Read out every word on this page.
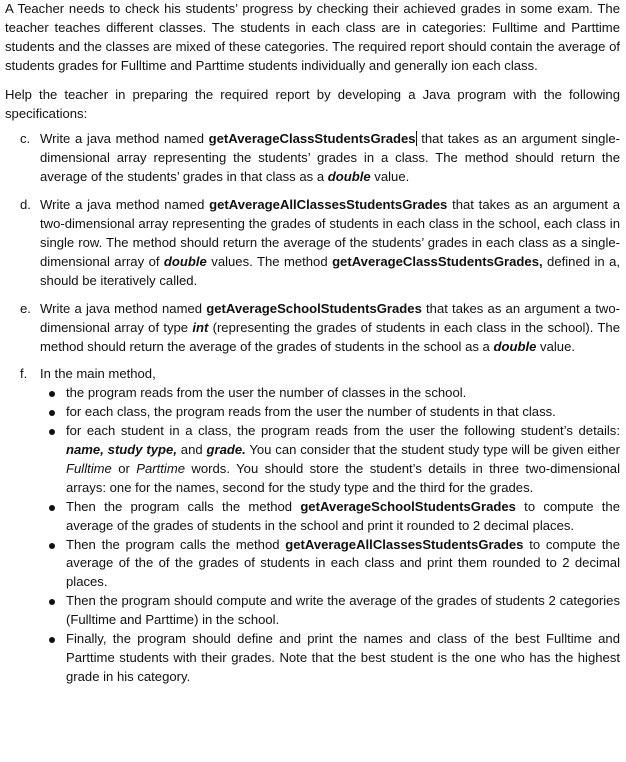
A Teacher needs to check his students’ progress by checking their achieved grades in some exam. The teacher teaches different classes. The students in each class are in categories: Fulltime and Parttime students and the classes are mixed of these categories. The required report should contain the average of students grades for Fulltime and Parttime students individually and generally ion each class.

Help the teacher in preparing the required report by developing a Java program with the following specifications:

c. Write a java method named getAverageClassStudentsGrades that takes as an argument single-dimensional array representing the students’ grades in a class. The method should return the average of the students’ grades in that class as a double value.
d. Write a java method named getAverageAllClassesStudentsGrades that takes as an argument a two-dimensional array representing the grades of students in each class in the school, each class in single row. The method should return the average of the students’ grades in each class as a single-dimensional array of double values. The method getAverageClassStudentsGrades, defined in a, should be iteratively called.
e. Write a java method named getAverageSchoolStudentsGrades that takes as an argument a two-dimensional array of type int (representing the grades of students in each class in the school). The method should return the average of the grades of students in the school as a double value.
f. In the main method,
the program reads from the user the number of classes in the school.
for each class, the program reads from the user the number of students in that class.
for each student in a class, the program reads from the user the following student’s details: name, study type, and grade. You can consider that the student study type will be given either Fulltime or Parttime words. You should store the student’s details in three two-dimensional arrays: one for the names, second for the study type and the third for the grades.
Then the program calls the method getAverageSchoolStudentsGrades to compute the average of the grades of students in the school and print it rounded to 2 decimal places.
Then the program calls the method getAverageAllClassesStudentsGrades to compute the average of the of the grades of students in each class and print them rounded to 2 decimal places.
Then the program should compute and write the average of the grades of students 2 categories (Fulltime and Parttime) in the school.
Finally, the program should define and print the names and class of the best Fulltime and Parttime students with their grades. Note that the best student is the one who has the highest grade in his category.
